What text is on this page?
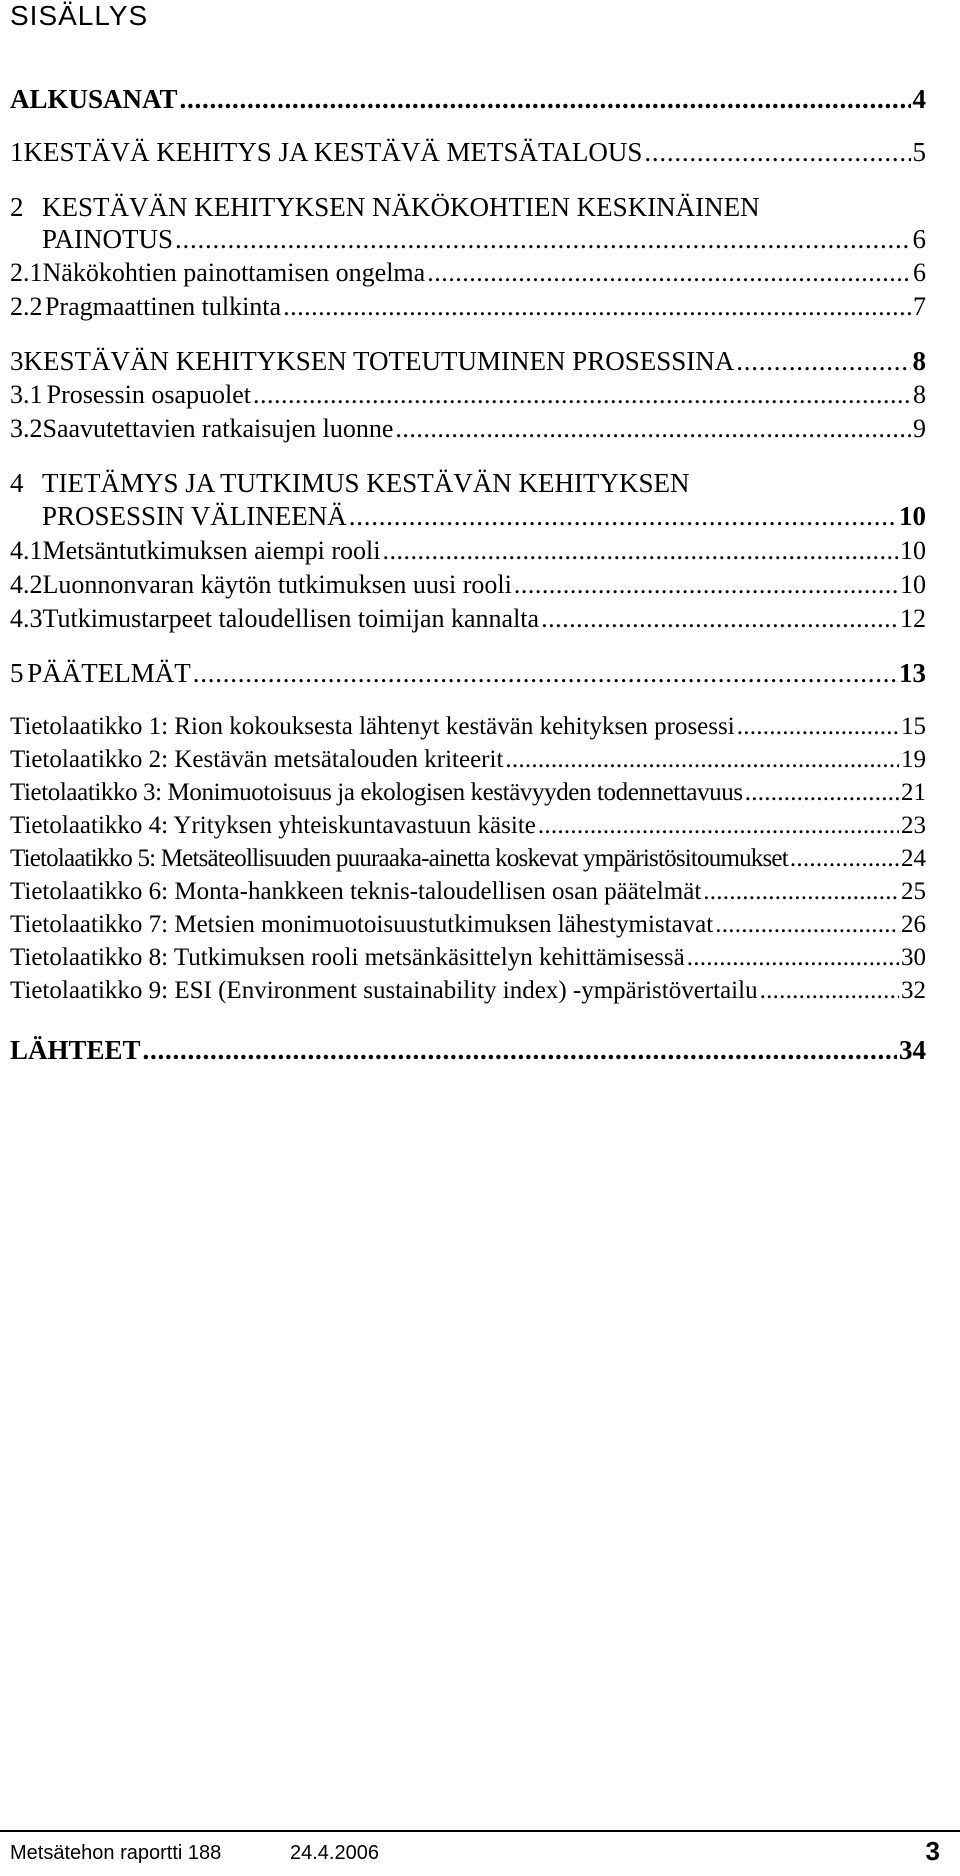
SISÄLLYS
ALKUSANAT . . .	4
1 KESTÄVÄ KEHITYS JA KESTÄVÄ METSÄTALOUS . . .	5
2 KESTÄVÄN KEHITYKSEN NÄKÖKOHTIEN KESKINÄINEN
PAINOTUS . . .	6
2.1 Näkökohtien painottamisen ongelma . . .	6
2.2 Pragmaattinen tulkinta . . .	7
3 KESTÄVÄN KEHITYKSEN TOTEUTUMINEN PROSESSINA . . .	8
3.1 Prosessin osapuolet . . .	8
3.2 Saavutettavien ratkaisujen luonne . . .	9
4 TIETÄMYS JA TUTKIMUS KESTÄVÄN KEHITYKSEN
PROSESSIN VÄLINEENÄ . . .	10
4.1 Metsäntutkimuksen aiempi rooli . . .	10
4.2 Luonnonvaran käytön tutkimuksen uusi rooli . . .	10
4.3 Tutkimustarpeet taloudellisen toimijan kannalta . . .	12
5 PÄÄTELMÄT . . .	13
Tietolaatikko 1: Rion kokouksesta lähtenyt kestävän kehityksen prosessi . . .	15
Tietolaatikko 2: Kestävän metsätalouden kriteerit . . .	19
Tietolaatikko 3: Monimuotoisuus ja ekologisen kestävyyden todennettavuus . . .	21
Tietolaatikko 4: Yrityksen yhteiskuntavastuun käsite . . .	23
Tietolaatikko 5: Metsäteollisuuden puuraaka-ainetta koskevat ympäristösitoumukset . . .	24
Tietolaatikko 6: Monta-hankkeen teknis-taloudellisen osan päätelmät . . .	25
Tietolaatikko 7: Metsien monimuotoisuustutkimuksen lähestymistavat . . .	26
Tietolaatikko 8: Tutkimuksen rooli metsänkäsittelyn kehittämisessä . . .	30
Tietolaatikko 9: ESI (Environment sustainability index) -ympäristövertailu . . .	32
LÄHTEET . . .	34
Metsätehon raportti 188	24.4.2006	3
